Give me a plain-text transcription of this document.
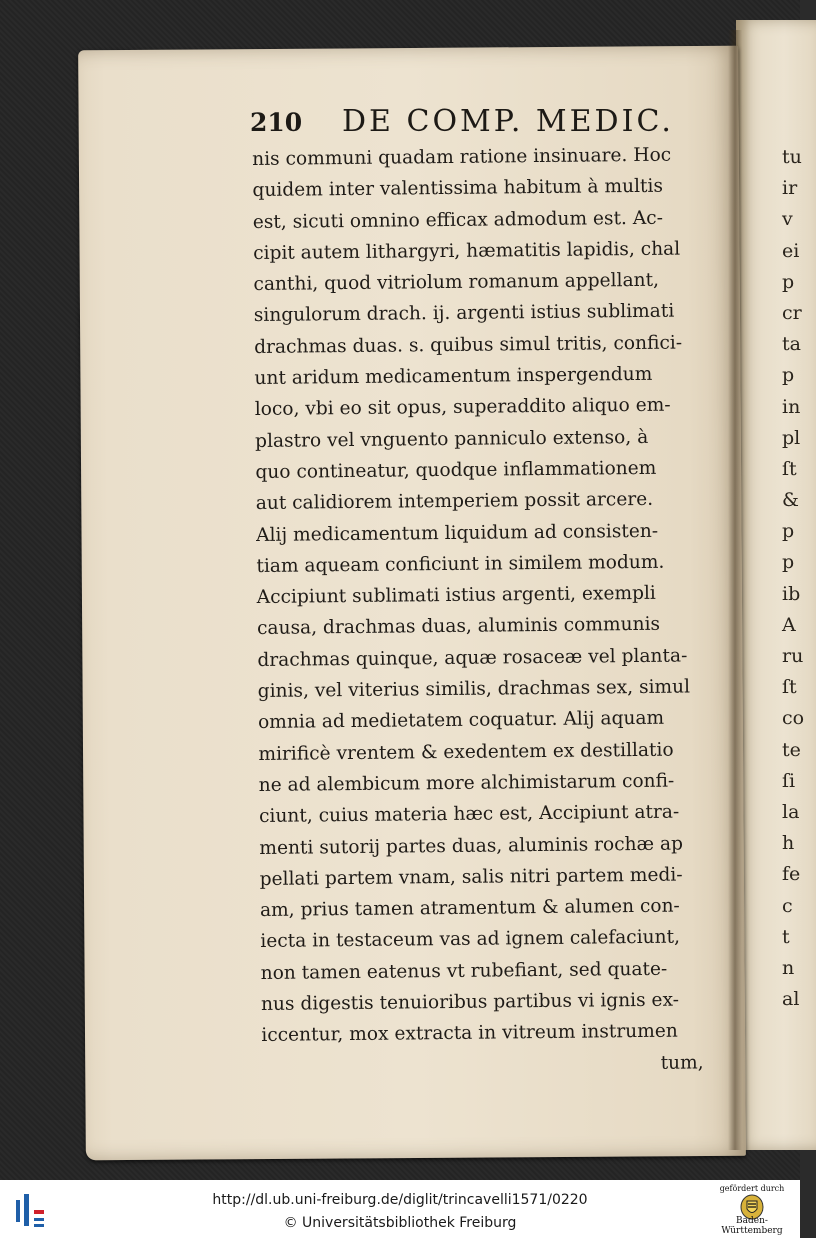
210 DE COMP. MEDIC.
nis communi quadam ratione insinuare. Hoc
quidem inter valentissima habitum à multis
est, sicuti omnino efficax admodum est. Ac-
cipit autem lithargyri, hæmatitis lapidis, chal
canthi, quod vitriolum romanum appellant,
singulorum drach. ij. argenti istius sublimati
drachmas duas. s. quibus simul tritis, confici-
unt aridum medicamentum inspergendum
loco, vbi eo sit opus, superaddito aliquo em-
plastro vel vnguento panniculo extenso, à
quo contineatur, quodque inflammationem
aut calidiorem intemperiem possit arcere.
Alij medicamentum liquidum ad consisten-
tiam aqueam conficiunt in similem modum.
Accipiunt sublimati istius argenti, exempli
causa, drachmas duas, aluminis communis
drachmas quinque, aquæ rosaceæ vel planta-
ginis, vel viterius similis, drachmas sex, simul
omnia ad medietatem coquatur. Alij aquam
mirificè vrentem & exedentem ex destillatio
ne ad alembicum more alchimistarum confi-
ciunt, cuius materia hæc est, Accipiunt atra-
menti sutorij partes duas, aluminis rochæ ap
pellati partem vnam, salis nitri partem medi-
am, prius tamen atramentum & alumen con-
iecta in testaceum vas ad ignem calefaciunt,
non tamen eatenus vt rubefiant, sed quate-
nus digestis tenuioribus partibus vi ignis ex-
iccentur, mox extracta in vitreum instrumen
tum,
tu
ir
v
ei
p
cr
ta
p
in
pl
ſt
&
p
p
ib
A
ru
ſt
co
te
ſi
la
h
fe
c
t
n
al
http://dl.ub.uni-freiburg.de/diglit/trincavelli1571/0220
© Universitätsbibliothek Freiburg
gefördert durch
Baden-Württemberg
